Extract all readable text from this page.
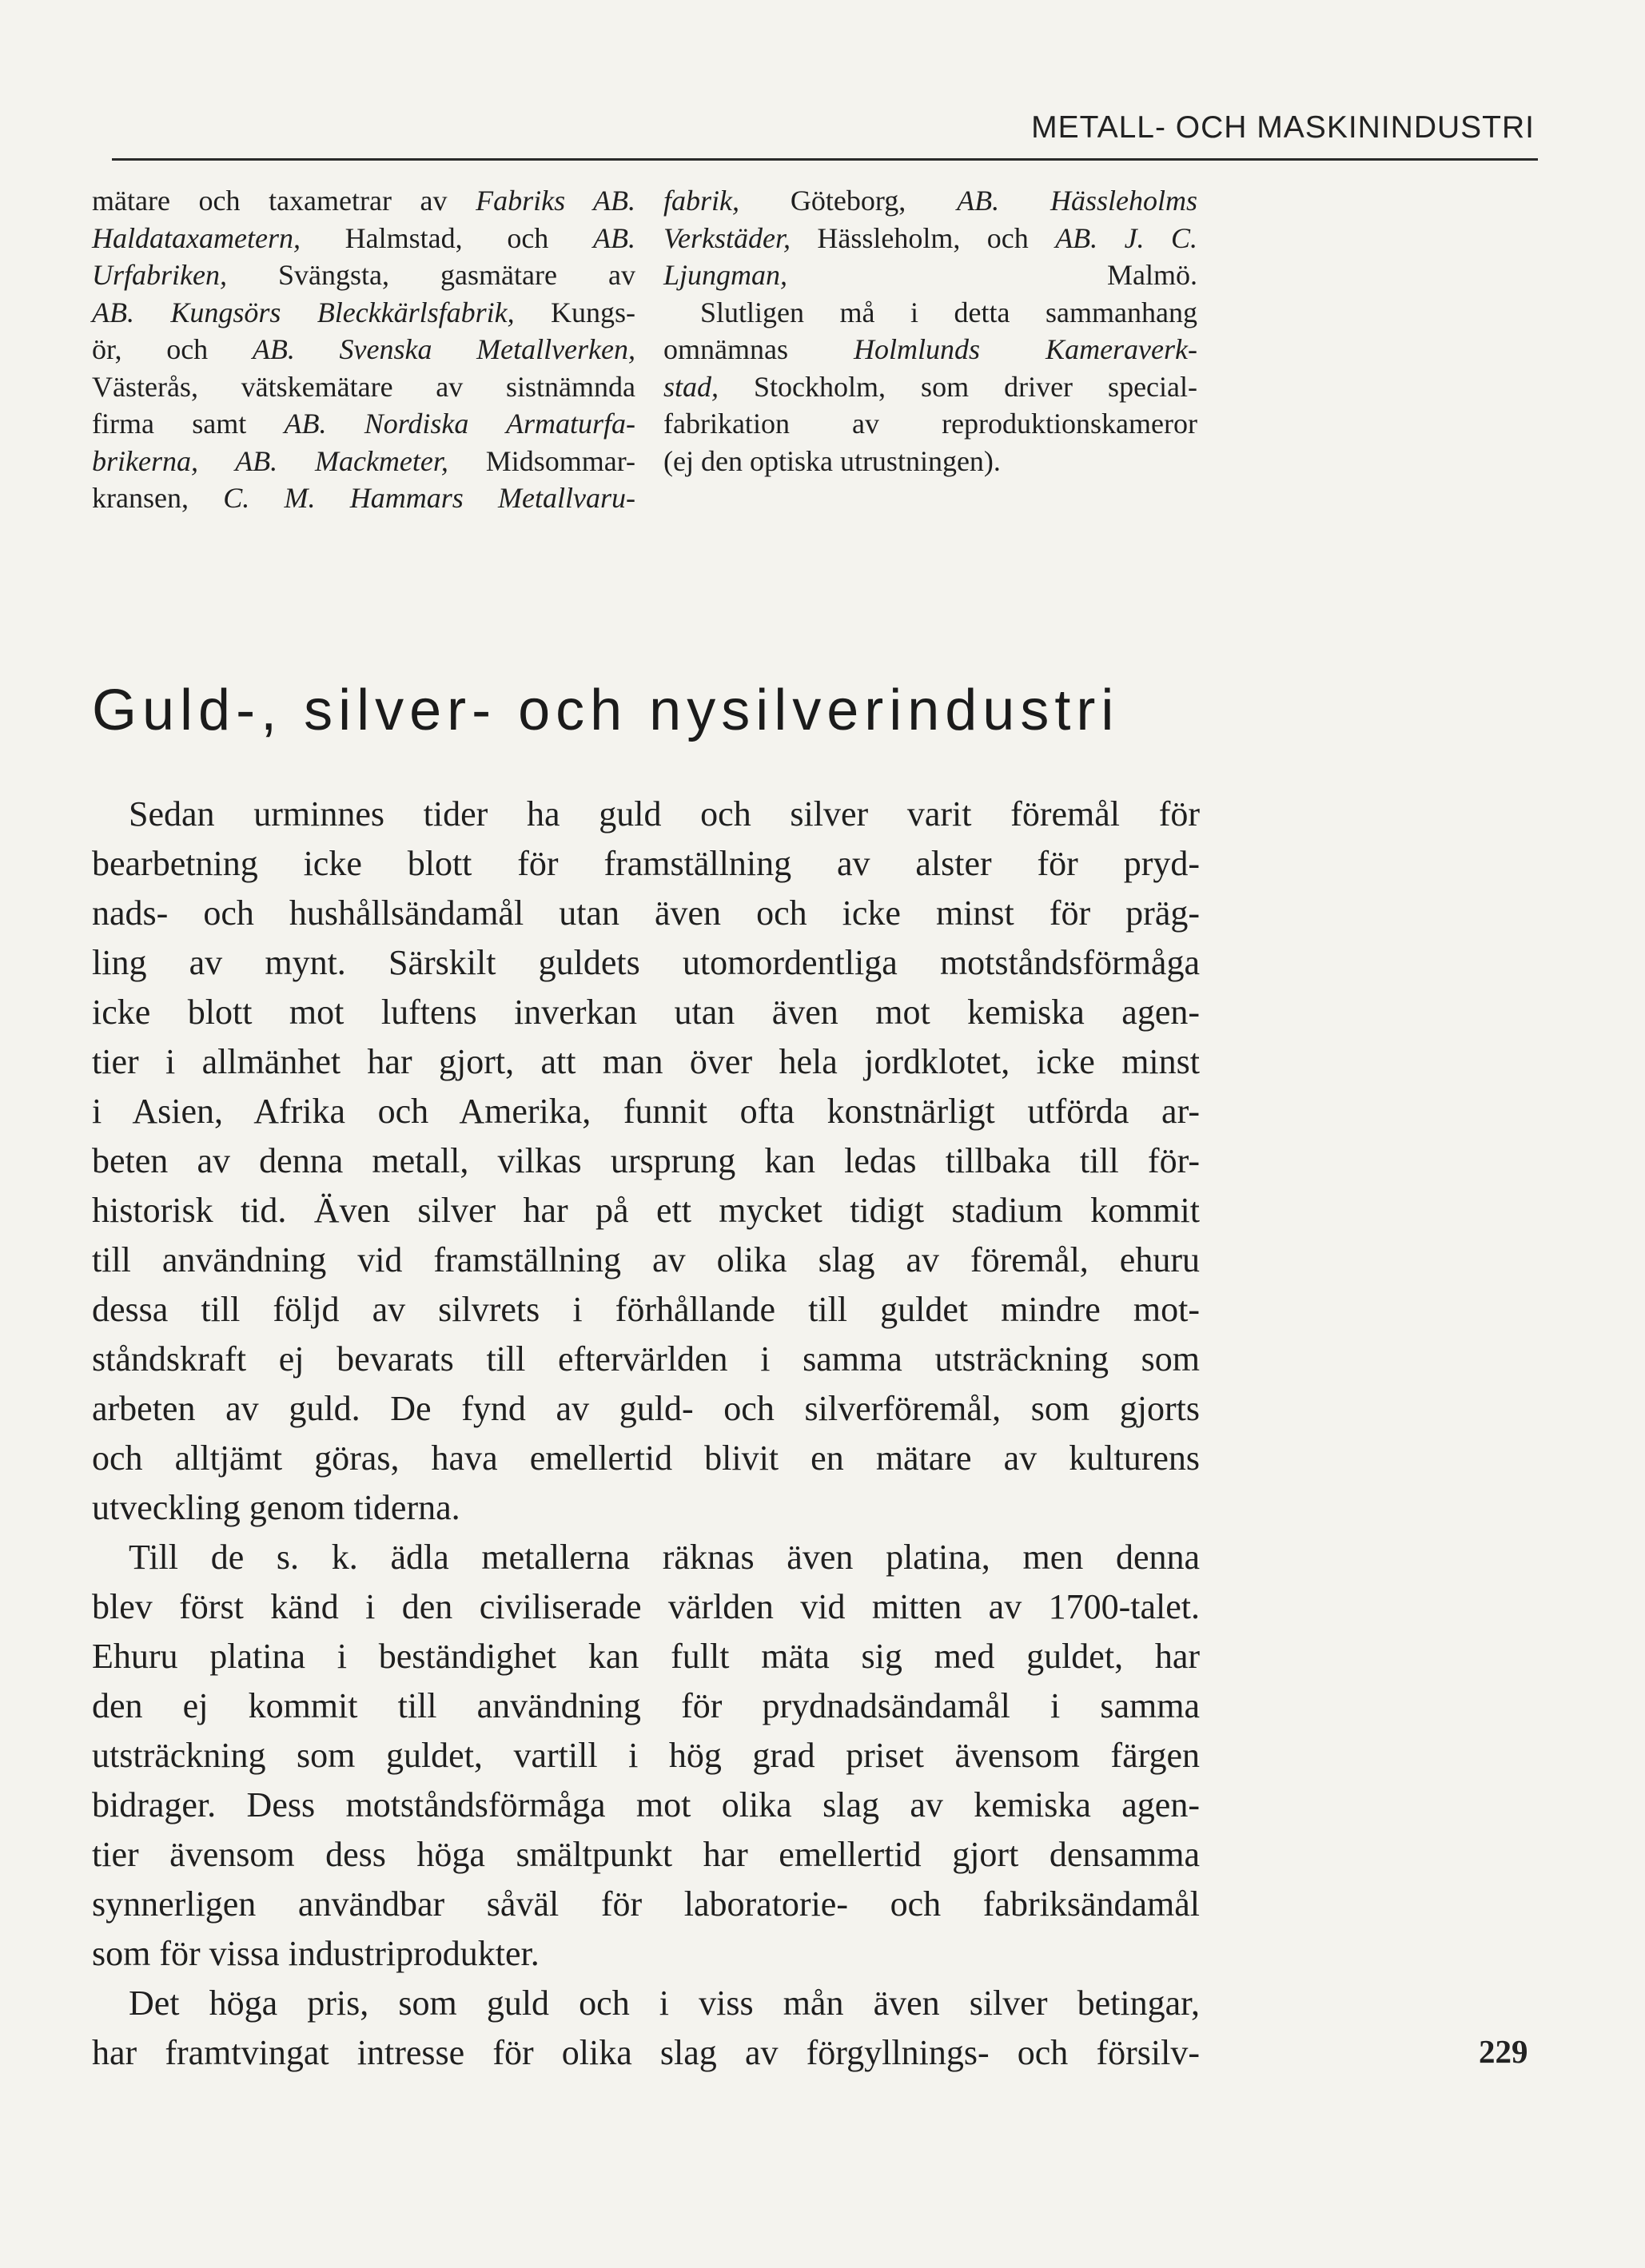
METALL- OCH MASKININDUSTRI
mätare och taxametrar av Fabriks AB.
Haldataxametern, Halmstad, och AB.
Urfabriken, Svängsta, gasmätare av
AB. Kungsörs Bleckkärlsfabrik, Kungs-
ör, och AB. Svenska Metallverken,
Västerås, vätskemätare av sistnämnda
firma samt AB. Nordiska Armaturfa-
brikerna, AB. Mackmeter, Midsommar-
kransen, C. M. Hammars Metallvaru-
fabrik, Göteborg, AB. Hässleholms
Verkstäder, Hässleholm, och AB. J. C.
Ljungman, Malmö.
Slutligen må i detta sammanhang
omnämnas Holmlunds Kameraverk-
stad, Stockholm, som driver special-
fabrikation av reproduktionskameror
(ej den optiska utrustningen).
Guld-, silver- och nysilverindustri
Sedan urminnes tider ha guld och silver varit föremål för
bearbetning icke blott för framställning av alster för pryd-
nads- och hushållsändamål utan även och icke minst för präg-
ling av mynt. Särskilt guldets utomordentliga motståndsförmåga
icke blott mot luftens inverkan utan även mot kemiska agen-
tier i allmänhet har gjort, att man över hela jordklotet, icke minst
i Asien, Afrika och Amerika, funnit ofta konstnärligt utförda ar-
beten av denna metall, vilkas ursprung kan ledas tillbaka till för-
historisk tid. Även silver har på ett mycket tidigt stadium kommit
till användning vid framställning av olika slag av föremål, ehuru
dessa till följd av silvrets i förhållande till guldet mindre mot-
ståndskraft ej bevarats till eftervärlden i samma utsträckning som
arbeten av guld. De fynd av guld- och silverföremål, som gjorts
och alltjämt göras, hava emellertid blivit en mätare av kulturens
utveckling genom tiderna.
Till de s. k. ädla metallerna räknas även platina, men denna
blev först känd i den civiliserade världen vid mitten av 1700-talet.
Ehuru platina i beständighet kan fullt mäta sig med guldet, har
den ej kommit till användning för prydnadsändamål i samma
utsträckning som guldet, vartill i hög grad priset ävensom färgen
bidrager. Dess motståndsförmåga mot olika slag av kemiska agen-
tier ävensom dess höga smältpunkt har emellertid gjort densamma
synnerligen användbar såväl för laboratorie- och fabriksändamål
som för vissa industriprodukter.
Det höga pris, som guld och i viss mån även silver betingar,
har framtvingat intresse för olika slag av förgyllnings- och försilv-	229
